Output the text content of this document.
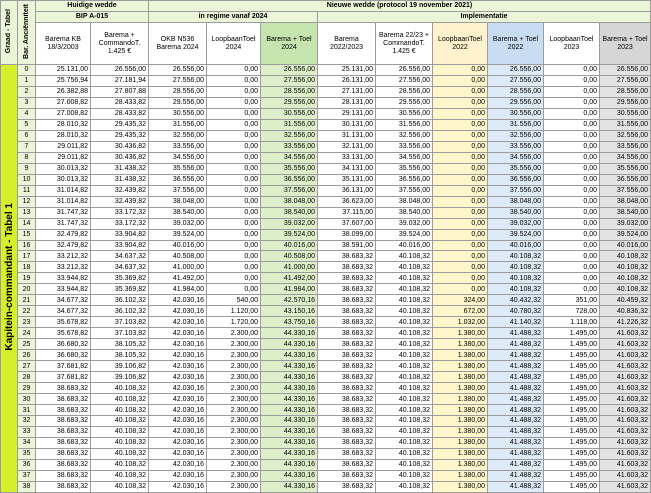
Graad - Tabel	Bar. Anciënniteit	Huidige wedde		Nieuwe wedde (protocol 19 november 2021)								
		BIP A-015		in regime vanaf 2024			Implementatie					
		Barema KB 18/3/2003	Barema + CommandoT. 1.425 €	OKB N536 Barema 2024	LoopbaanToel 2024	Barema + Toel 2024	Barema 2022/2023	Barema 22/23 + CommandoT. 1.425 €	LoopbaanToel 2022	Barema + Toel 2022	LoopbaanToel 2023	Barema + Toel 2023
Kapitein-commandant - Tabel 1	0	25.131,00	26.556,00	26.556,00	0,00	26.556,00	25.131,00	26.556,00	0,00	26.556,00	0,00	26.556,00
	1	25.756,94	27.181,94	27.556,00	0,00	27.556,00	26.131,00	27.556,00	0,00	27.556,00	0,00	27.556,00
	2	26.382,88	27.807,88	28.556,00	0,00	28.556,00	27.131,00	28.556,00	0,00	28.556,00	0,00	28.556,00
	3	27.008,82	28.433,82	29.556,00	0,00	29.556,00	28.131,00	29.556,00	0,00	29.556,00	0,00	29.556,00
	4	27.008,82	28.433,82	30.556,00	0,00	30.556,00	29.131,00	30.556,00	0,00	30.556,00	0,00	30.556,00
	5	28.010,32	29.435,32	31.556,00	0,00	31.556,00	30.131,00	31.556,00	0,00	31.556,00	0,00	31.556,00
	6	28.010,32	29.435,32	32.556,00	0,00	32.556,00	31.131,00	32.556,00	0,00	32.556,00	0,00	32.556,00
	7	29.011,82	30.436,82	33.556,00	0,00	33.556,00	32.131,00	33.556,00	0,00	33.556,00	0,00	33.556,00
	8	29.011,82	30.436,82	34.556,00	0,00	34.556,00	33.131,00	34.556,00	0,00	34.556,00	0,00	34.556,00
	9	30.013,32	31.438,32	35.556,00	0,00	35.556,00	34.131,00	35.556,00	0,00	35.556,00	0,00	35.556,00
	10	30.013,32	31.438,32	36.556,00	0,00	36.556,00	35.131,00	36.556,00	0,00	36.556,00	0,00	36.556,00
	11	31.014,82	32.439,82	37.556,00	0,00	37.556,00	36.131,00	37.556,00	0,00	37.556,00	0,00	37.556,00
	12	31.014,82	32.439,82	38.048,00	0,00	38.048,00	36.623,00	38.048,00	0,00	38.048,00	0,00	38.048,00
	13	31.747,32	33.172,32	38.540,00	0,00	38.540,00	37.115,00	38.540,00	0,00	38.540,00	0,00	38.540,00
	14	31.747,32	33.172,32	39.032,00	0,00	39.032,00	37.607,00	39.032,00	0,00	39.032,00	0,00	39.032,00
	15	32.479,82	33.904,82	39.524,00	0,00	39.524,00	38.099,00	39.524,00	0,00	39.524,00	0,00	39.524,00
	16	32.479,82	33.904,82	40.016,00	0,00	40.016,00	38.591,00	40.016,00	0,00	40.016,00	0,00	40.016,00
	17	33.212,32	34.637,32	40.508,00	0,00	40.508,00	38.683,32	40.108,32	0,00	40.108,32	0,00	40.108,32
	18	33.212,32	34.637,32	41.000,00	0,00	41.000,00	38.683,32	40.108,32	0,00	40.108,32	0,00	40.108,32
	19	33.944,82	35.369,82	41.492,00	0,00	41.492,00	38.683,32	40.108,32	0,00	40.108,32	0,00	40.108,32
	20	33.944,82	35.369,82	41.984,00	0,00	41.984,00	38.683,32	40.108,32	0,00	40.108,32	0,00	40.108,32
	21	34.677,32	36.102,32	42.030,16	540,00	42.570,16	38.683,32	40.108,32	324,00	40.432,32	351,00	40.459,32
	22	34.677,32	36.102,32	42.030,16	1.120,00	43.150,16	38.683,32	40.108,32	672,00	40.780,32	728,00	40.836,32
	23	35.678,82	37.103,82	42.030,16	1.720,00	43.750,16	38.683,32	40.108,32	1.032,00	41.140,32	1.118,00	41.226,32
	24	35.678,82	37.103,82	42.030,16	2.300,00	44.330,16	38.683,32	40.108,32	1.380,00	41.488,32	1.495,00	41.603,32
	25	36.680,32	38.105,32	42.030,16	2.300,00	44.330,16	38.683,32	40.108,32	1.380,00	41.488,32	1.495,00	41.603,32
	26	36.680,32	38.105,32	42.030,16	2.300,00	44.330,16	38.683,32	40.108,32	1.380,00	41.488,32	1.495,00	41.603,32
	27	37.681,82	39.106,82	42.030,16	2.300,00	44.330,16	38.683,32	40.108,32	1.380,00	41.488,32	1.495,00	41.603,32
	28	37.681,82	39.106,82	42.030,16	2.300,00	44.330,16	38.683,32	40.108,32	1.380,00	41.488,32	1.495,00	41.603,32
	29	38.683,32	40.108,32	42.030,16	2.300,00	44.330,16	38.683,32	40.108,32	1.380,00	41.488,32	1.495,00	41.603,32
	30	38.683,32	40.108,32	42.030,16	2.300,00	44.330,16	38.683,32	40.108,32	1.380,00	41.488,32	1.495,00	41.603,32
	31	38.683,32	40.108,32	42.030,16	2.300,00	44.330,16	38.683,32	40.108,32	1.380,00	41.488,32	1.495,00	41.603,32
	32	38.683,32	40.108,32	42.030,16	2.300,00	44.330,16	38.683,32	40.108,32	1.380,00	41.488,32	1.495,00	41.603,32
	33	38.683,32	40.108,32	42.030,16	2.300,00	44.330,16	38.683,32	40.108,32	1.380,00	41.488,32	1.495,00	41.603,32
	34	38.683,32	40.108,32	42.030,16	2.300,00	44.330,16	38.683,32	40.108,32	1.380,00	41.488,32	1.495,00	41.603,32
	35	38.683,32	40.108,32	42.030,16	2.300,00	44.330,16	38.683,32	40.108,32	1.380,00	41.488,32	1.495,00	41.603,32
	36	38.683,32	40.108,32	42.030,16	2.300,00	44.330,16	38.683,32	40.108,32	1.380,00	41.488,32	1.495,00	41.603,32
	37	38.683,32	40.108,32	42.030,16	2.300,00	44.330,16	38.683,32	40.108,32	1.380,00	41.488,32	1.495,00	41.603,32
	38	38.683,32	40.108,32	42.030,16	2.300,00	44.330,16	38.683,32	40.108,32	1.380,00	41.488,32	1.495,00	41.603,32
